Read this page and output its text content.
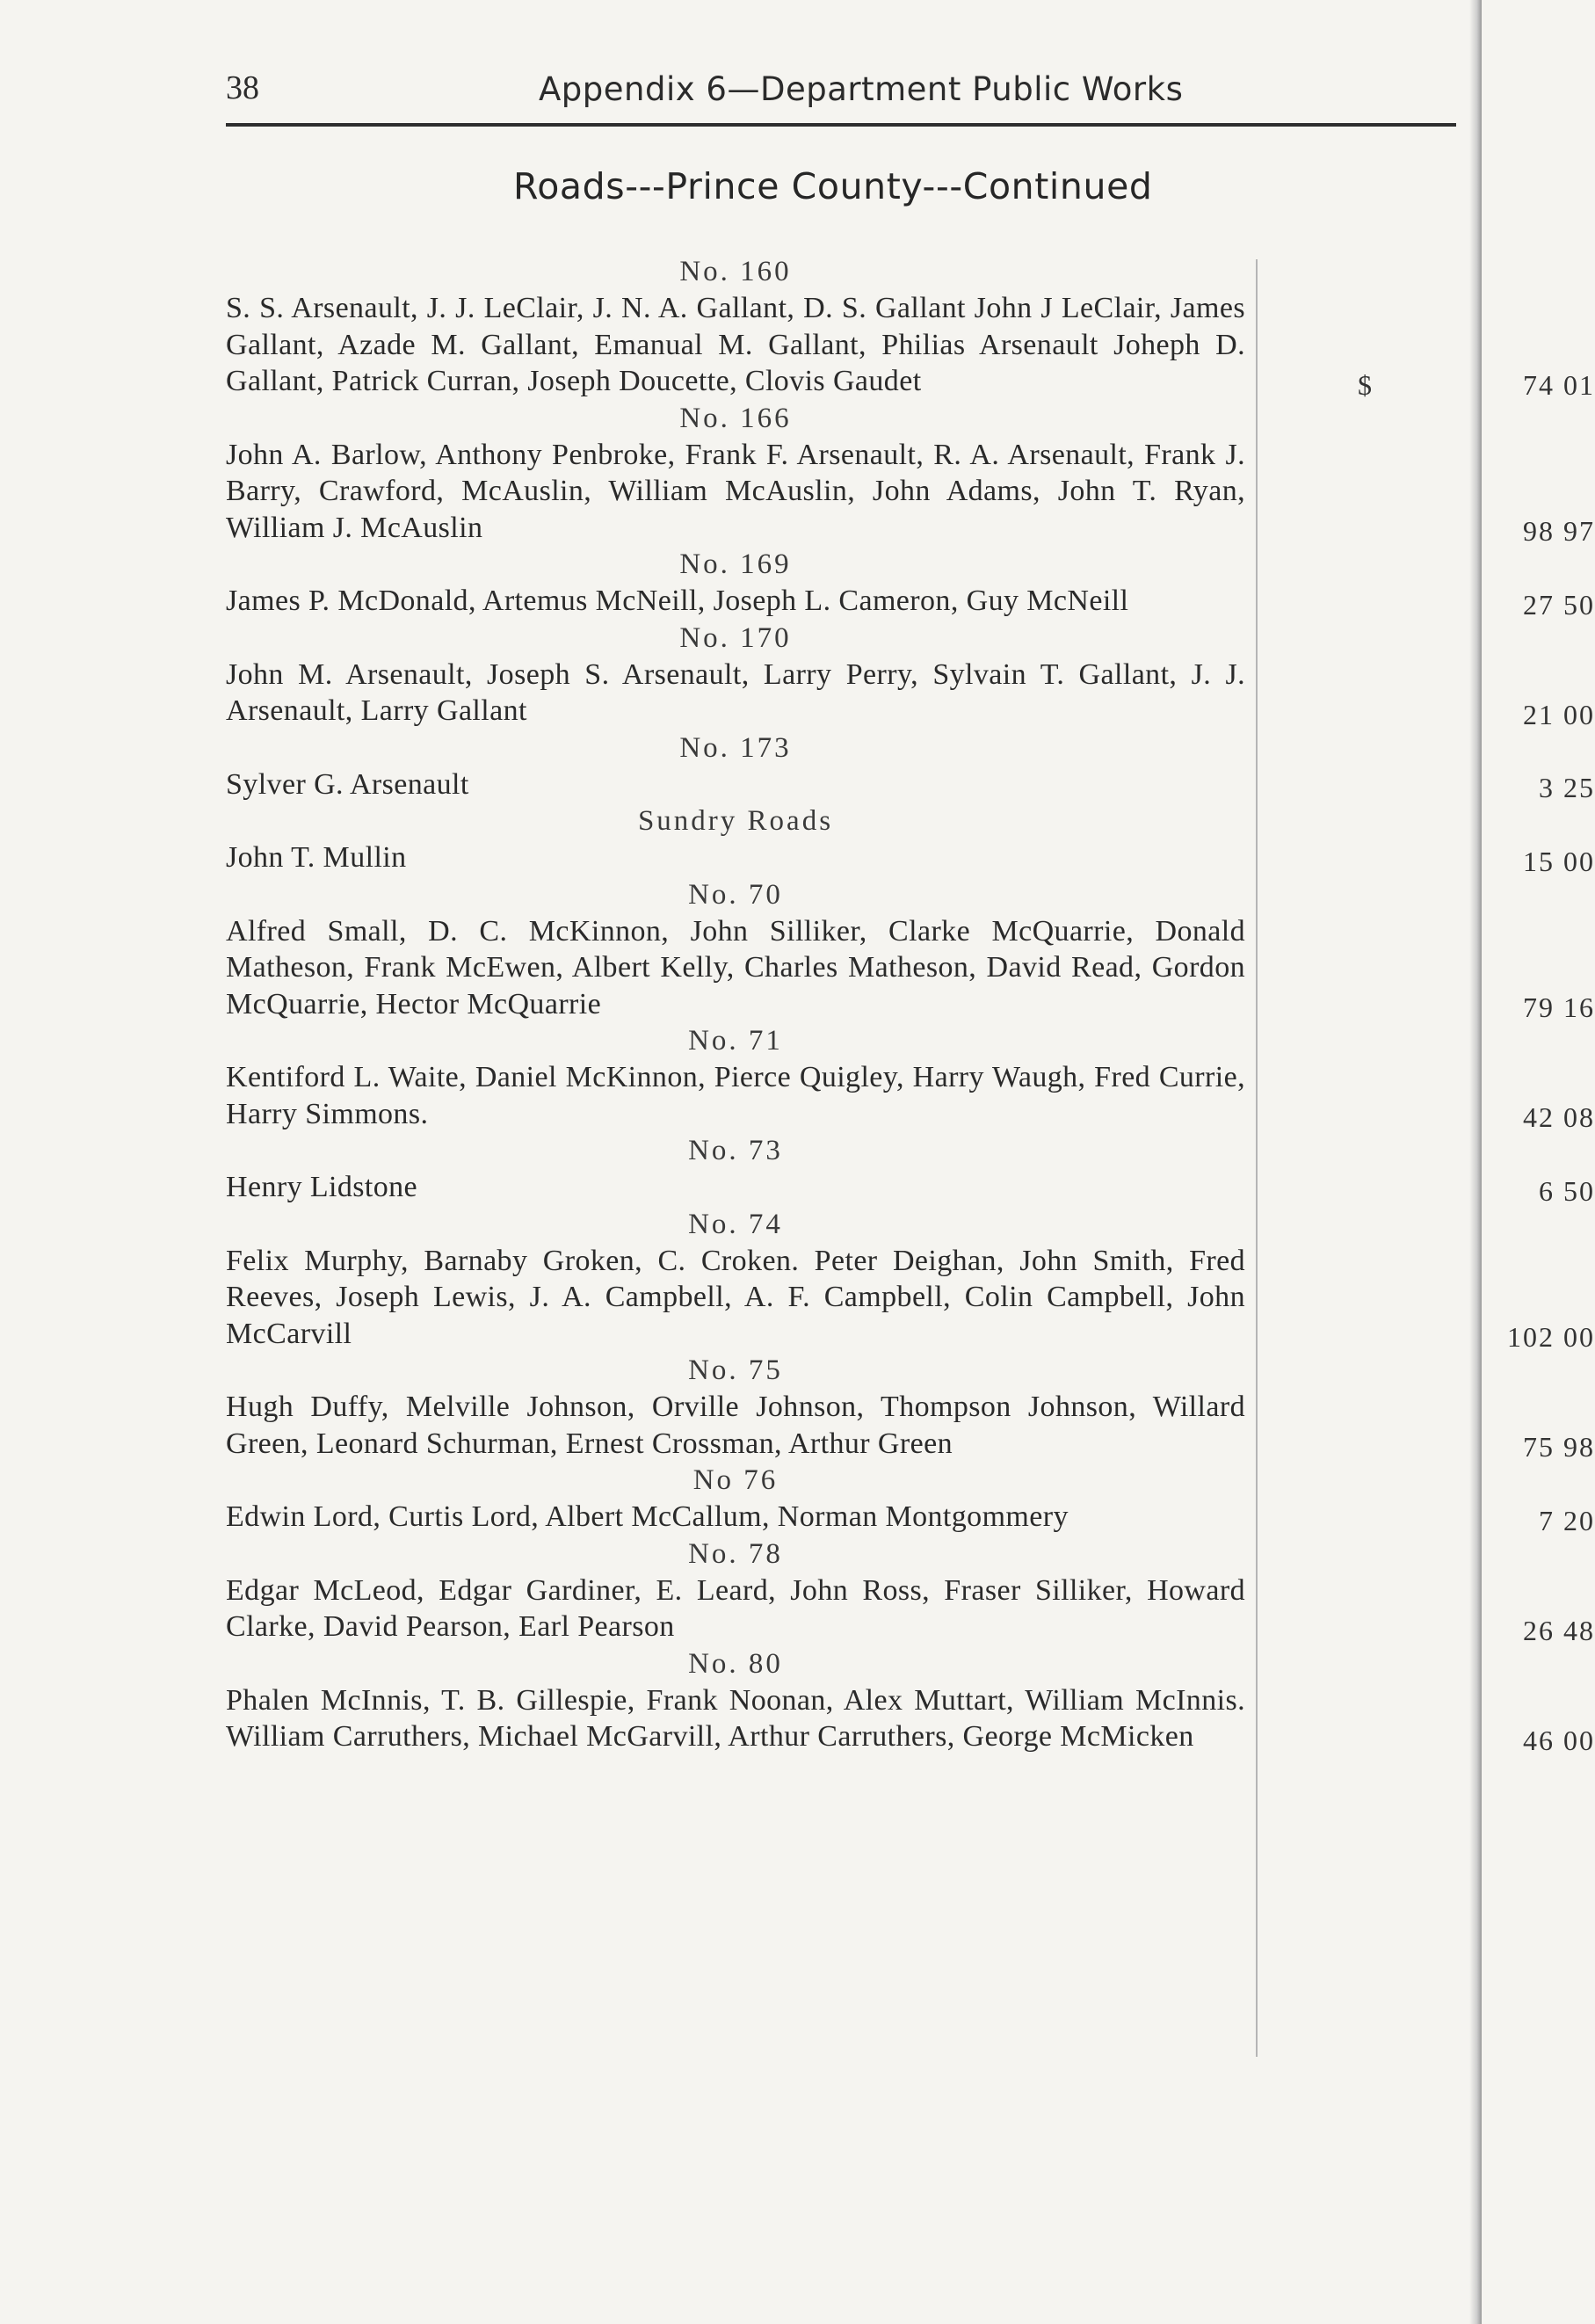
38	Appendix 6—Department Public Works
Roads---Prince County---Continued
No. 160
S. S. Arsenault, J. J. LeClair, J. N. A. Gallant, D. S. Gallant John J LeClair, James Gallant, Azade M. Gallant, Emanual M. Gallant, Philias Arsenault Joheph D. Gallant, Patrick Curran, Joseph Doucette, Clovis Gaudet	$	74 01
No. 166
John A. Barlow, Anthony Penbroke, Frank F. Arsenault, R. A. Arsenault, Frank J. Barry, Crawford, McAuslin, William McAuslin, John Adams, John T. Ryan, William J. McAuslin	98 97
No. 169
James P. McDonald, Artemus McNeill, Joseph L. Cameron, Guy McNeill	27 50
No. 170
John M. Arsenault, Joseph S. Arsenault, Larry Perry, Sylvain T. Gallant, J. J. Arsenault, Larry Gallant	21 00
No. 173
Sylver G. Arsenault	3 25
Sundry Roads
John T. Mullin	15 00
No. 70
Alfred Small, D. C. McKinnon, John Silliker, Clarke McQuarrie, Donald Matheson, Frank McEwen, Albert Kelly, Charles Matheson, David Read, Gordon McQuarrie, Hector McQuarrie	79 16
No. 71
Kentiford L. Waite, Daniel McKinnon, Pierce Quigley, Harry Waugh, Fred Currie, Harry Simmons.	42 08
No. 73
Henry Lidstone	6 50
No. 74
Felix Murphy, Barnaby Groken, C. Croken. Peter Deighan, John Smith, Fred Reeves, Joseph Lewis, J. A. Campbell, A. F. Campbell, Colin Campbell, John McCarvill	102 00
No. 75
Hugh Duffy, Melville Johnson, Orville Johnson, Thompson Johnson, Willard Green, Leonard Schurman, Ernest Crossman, Arthur Green	75 98
No 76
Edwin Lord, Curtis Lord, Albert McCallum, Norman Montgommery	7 20
No. 78
Edgar McLeod, Edgar Gardiner, E. Leard, John Ross, Fraser Silliker, Howard Clarke, David Pearson, Earl Pearson	26 48
No. 80
Phalen McInnis, T. B. Gillespie, Frank Noonan, Alex Muttart, William McInnis. William Carruthers, Michael McGarvill, Arthur Carruthers, George McMicken	46 00
